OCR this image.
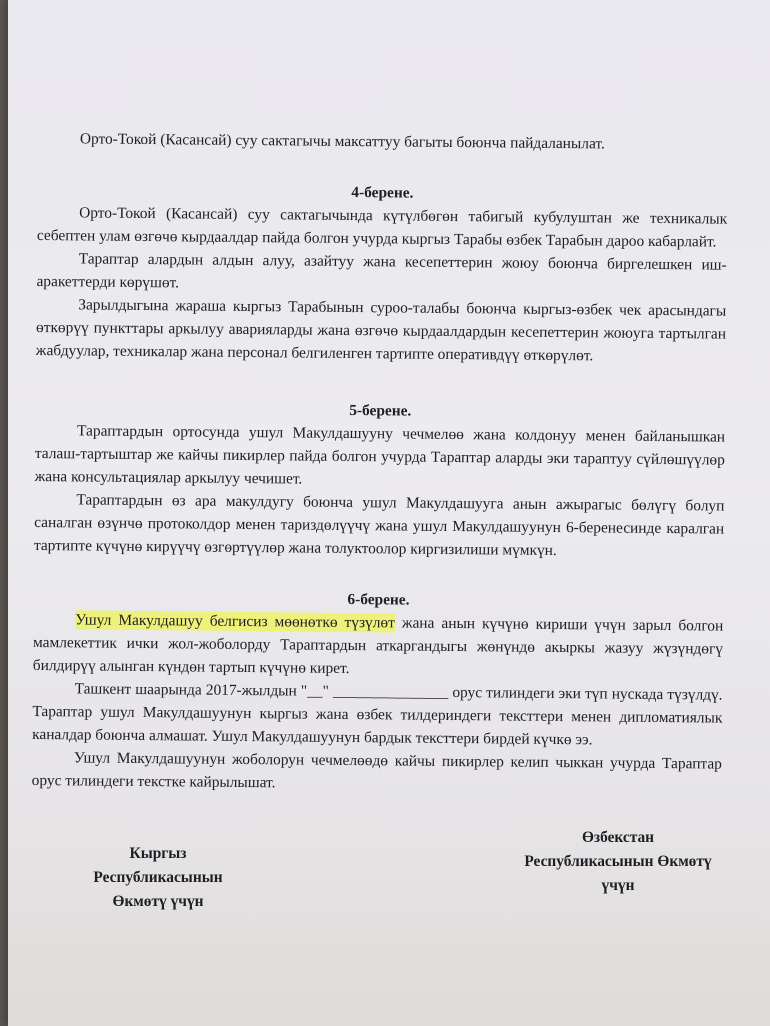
Орто-Токой (Касансай) суу сактагычы максаттуу багыты боюнча пайдаланылат.

4-берене.

Орто-Токой (Касансай) суу сактагычында күтүлбөгөн табигый кубулуштан же техникалык себептен улам өзгөчө кырдаалдар пайда болгон учурда кыргыз Тарабы өзбек Тарабын дароо кабарлайт.

Тараптар алардын алдын алуу, азайтуу жана кесепеттерин жоюу боюнча биргелешкен иш-аракеттерди көрүшөт.

Зарылдыгына жараша кыргыз Тарабынын суроо-талабы боюнча кыргыз-өзбек чек арасындагы өткөрүү пункттары аркылуу аварияларды жана өзгөчө кырдаалдардын кесепеттерин жоюуга тартылган жабдуулар, техникалар жана персонал белгиленген тартипте оперативдүү өткөрүлөт.

5-берене.

Тараптардын ортосунда ушул Макулдашууну чечмелөө жана колдонуу менен байланышкан талаш-тартыштар же кайчы пикирлер пайда болгон учурда Тараптар аларды эки тараптуу сүйлөшүүлөр жана консультациялар аркылуу чечишет.

Тараптардын өз ара макулдугу боюнча ушул Макулдашууга анын ажырагыс бөлүгү болуп саналган өзүнчө протоколдор менен тариздөлүүчү жана ушул Макулдашуунун 6-беренесинде каралган тартипте күчүнө кирүүчү өзгөртүүлөр жана толуктоолор киргизилиши мүмкүн.

6-берене.

Ушул Макулдашуу белгисиз мөөнөткө түзүлөт жана анын күчүнө кириши үчүн зарыл болгон мамлекеттик ички жол-жоболорду Тараптардын аткаргандыгы жөнүндө акыркы жазуу жүзүндөгү билдирүү алынган күндөн тартып күчүнө кирет.

Ташкент шаарында 2017-жылдын "__" _______________ орус тилиндеги эки түп нускада түзүлдү. Тараптар ушул Макулдашуунун кыргыз жана өзбек тилдериндеги тексттери менен дипломатиялык каналдар боюнча алмашат. Ушул Макулдашуунун бардык тексттери бирдей күчкө ээ.

Ушул Макулдашуунун жоболорун чечмелөөдө кайчы пикирлер келип чыккан учурда Тараптар орус тилиндеги текстке кайрылышат.

Кыргыз
Республикасынын
Өкмөтү үчүн
Өзбекстан
Республикасынын Өкмөтү
үчүн
